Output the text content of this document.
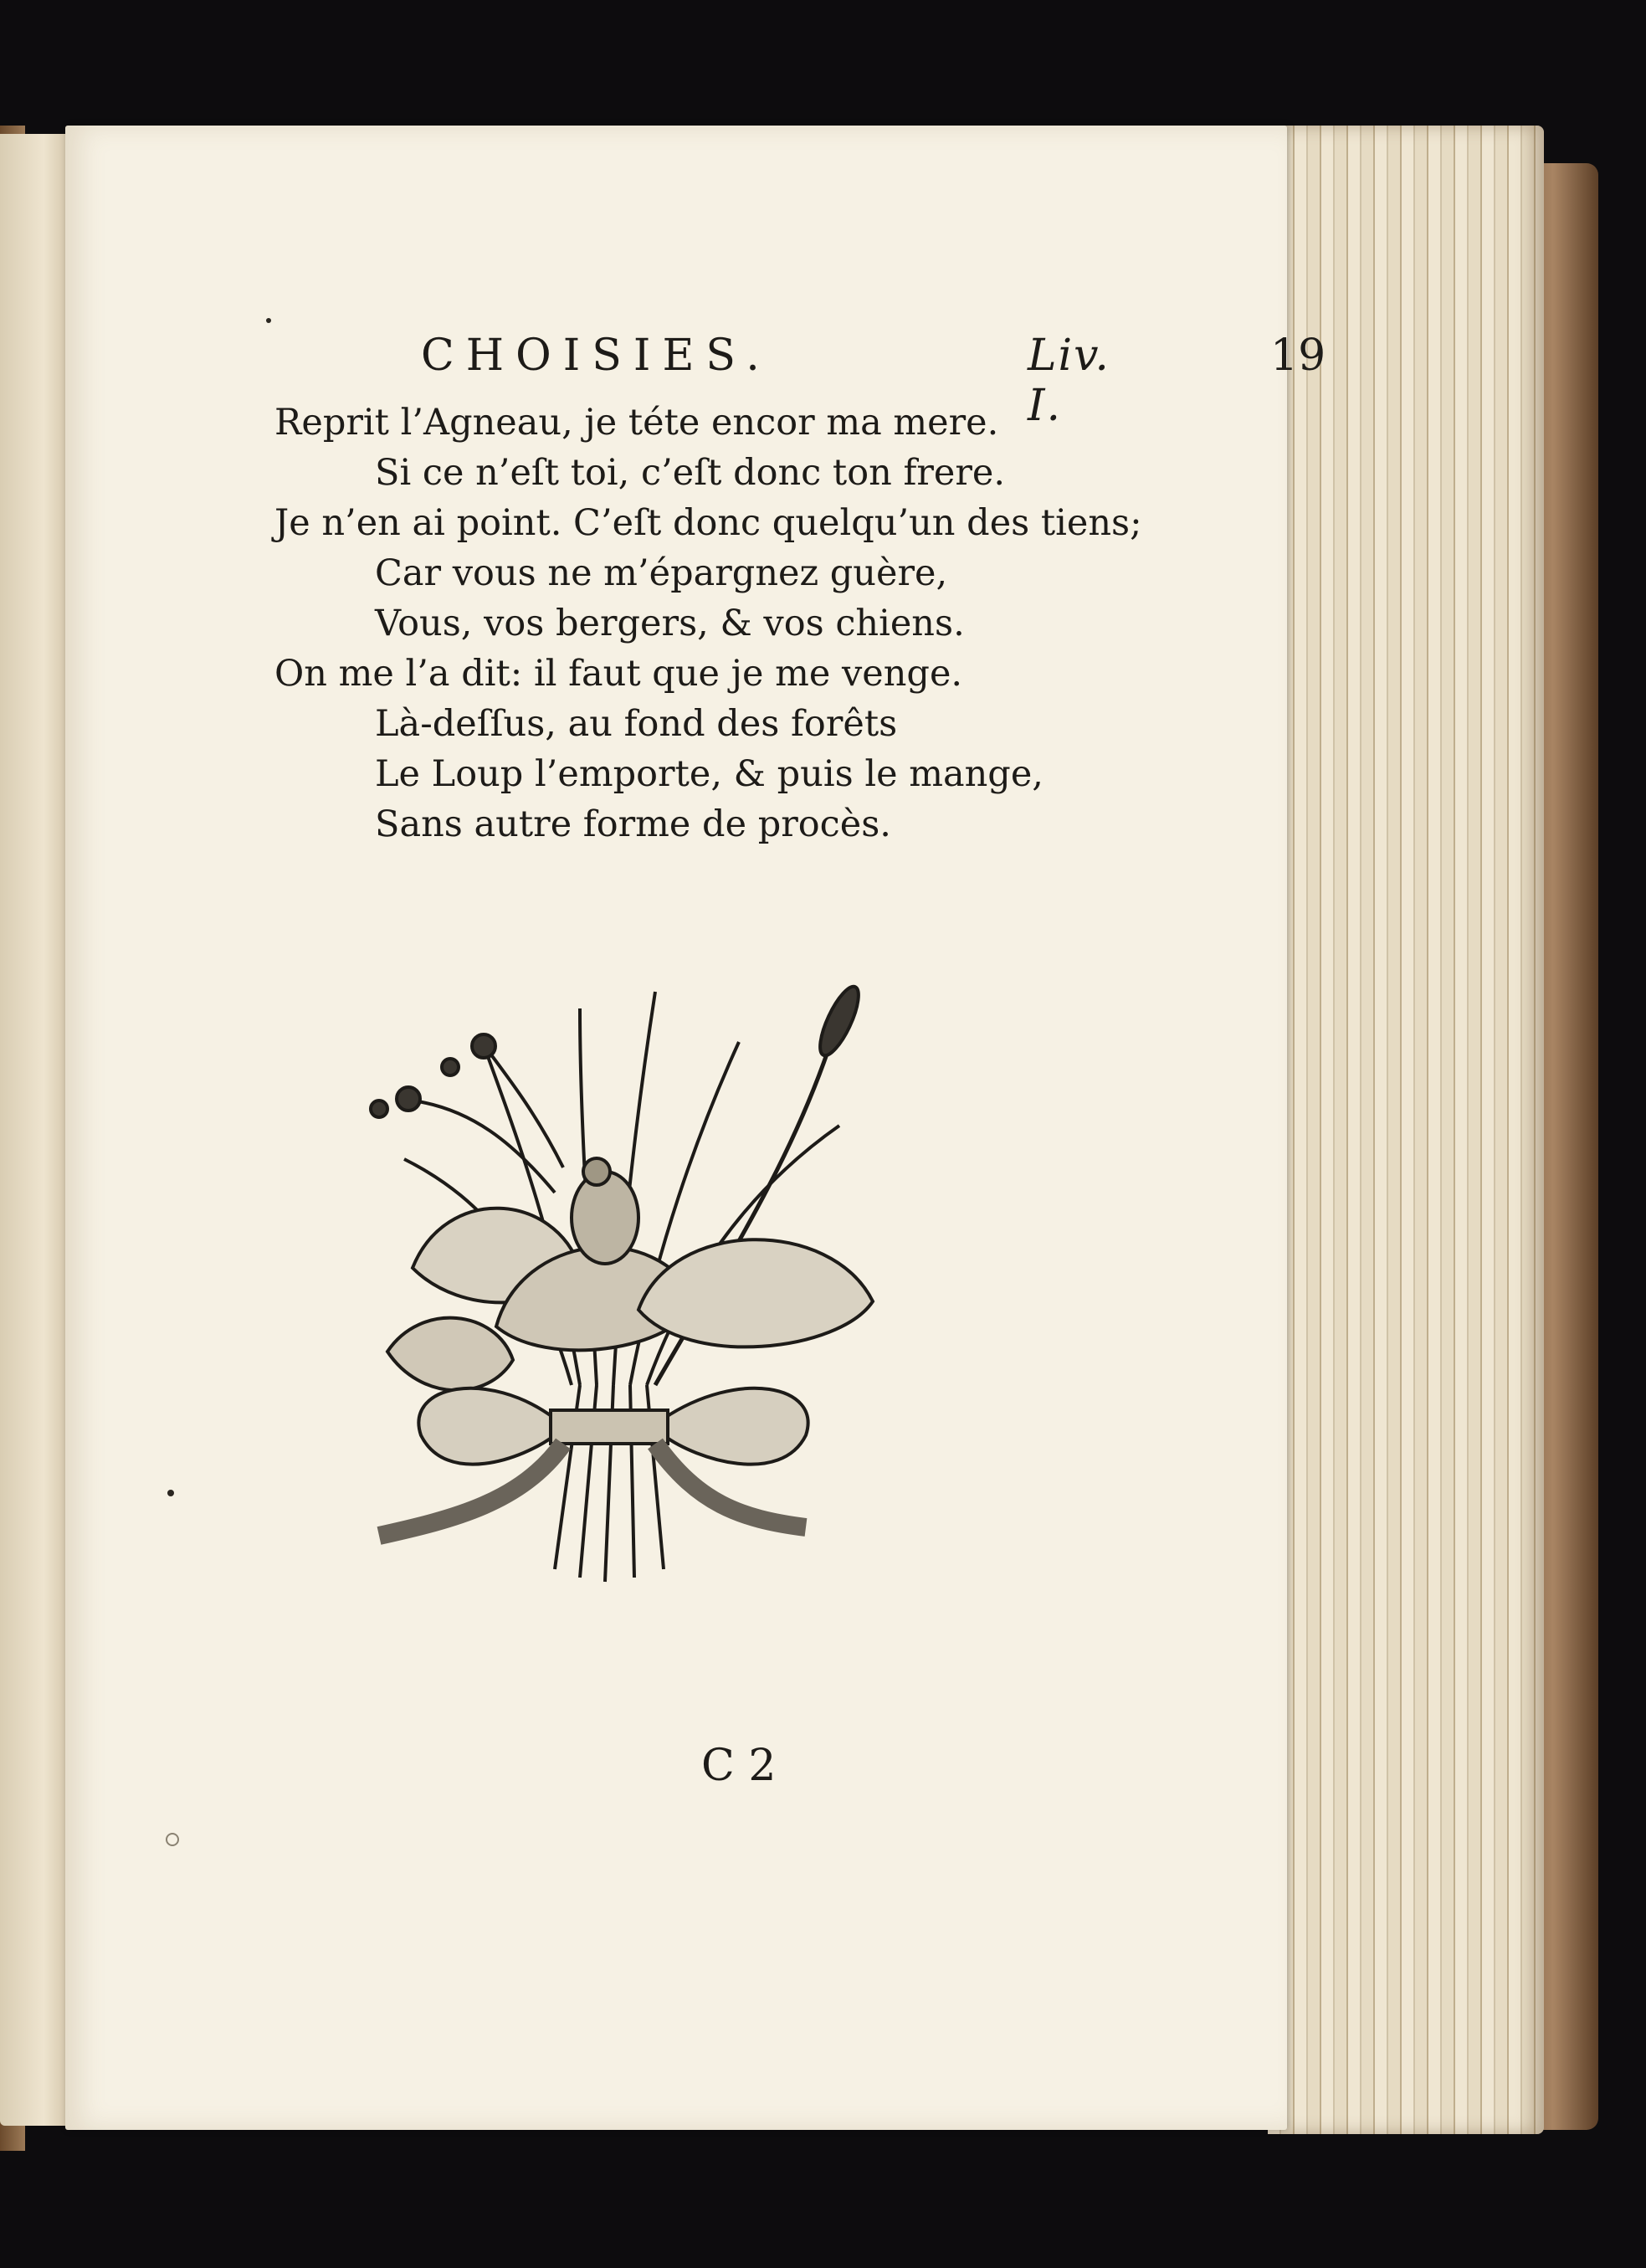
CHOISIES.	Liv. I.
19
Reprit l’Agneau, je téte encor ma mere.
Si ce n’eſt toi, c’eſt donc ton frere.
Je n’en ai point. C’eſt donc quelqu’un des tiens;
Car vous ne m’épargnez guère,
Vous, vos bergers, & vos chiens.
On me l’a dit: il faut que je me venge.
Là-deſſus, au fond des forêts
Le Loup l’emporte, & puis le mange,
Sans autre forme de procès.
C 2
